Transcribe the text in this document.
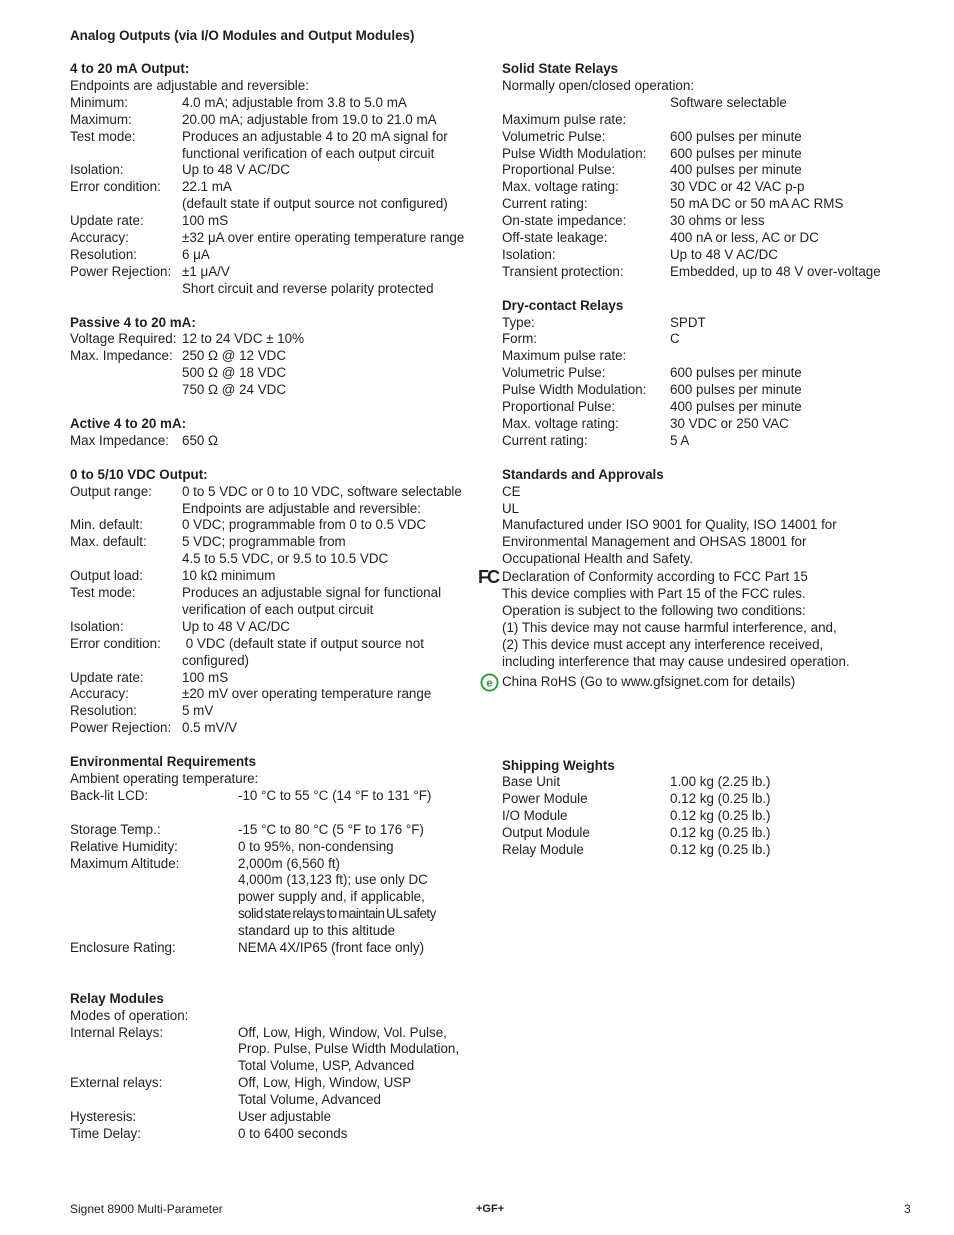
Analog Outputs (via I/O Modules and Output Modules)
4 to 20 mA Output:
Endpoints are adjustable and reversible:
Minimum:	4.0 mA; adjustable from 3.8 to 5.0 mA
Maximum:	20.00 mA; adjustable from 19.0 to 21.0 mA
Test mode:	Produces an adjustable 4 to 20 mA signal for
functional verification of each output circuit
Isolation:	Up to 48 V AC/DC
Error condition:	22.1 mA
(default state if output source not configured)
Update rate:	100 mS
Accuracy:	±32 μA over entire operating temperature range
Resolution:	6 μA
Power Rejection: ±1 μA/V
Short circuit and reverse polarity protected
Passive 4 to 20 mA:
Voltage Required: 12 to 24 VDC ± 10%
Max. Impedance: 250 Ω @ 12 VDC
500 Ω @ 18 VDC
750 Ω @ 24 VDC
Active 4 to 20 mA:
Max Impedance: 650 Ω
0 to 5/10 VDC Output:
Output range:	0 to 5 VDC or 0 to 10 VDC, software selectable
Endpoints are adjustable and reversible:
Min. default:	0 VDC; programmable from 0 to 0.5 VDC
Max. default:	5 VDC; programmable from
4.5 to 5.5 VDC, or 9.5 to 10.5 VDC
Output load:	10 kΩ minimum
Test mode:	Produces an adjustable signal for functional
verification of each output circuit
Isolation:	Up to 48 V AC/DC
Error condition:	0 VDC (default state if output source not
configured)
Update rate:	100 mS
Accuracy:	±20 mV over operating temperature range
Resolution:	5 mV
Power Rejection: 0.5 mV/V
Environmental Requirements
Ambient operating temperature:
Back-lit LCD:	-10 °C to 55 °C (14 °F to 131 °F)
Storage Temp.:	-15 °C to 80 °C (5 °F to 176 °F)
Relative Humidity:	0 to 95%, non-condensing
Maximum Altitude:	2,000m (6,560 ft)
4,000m (13,123 ft); use only DC
power supply and, if applicable,
solid state relays to maintain UL safety
standard up to this altitude
Enclosure Rating:	NEMA 4X/IP65 (front face only)
Relay Modules
Modes of operation:
Internal Relays:	Off, Low, High, Window, Vol. Pulse,
Prop. Pulse, Pulse Width Modulation,
Total Volume, USP, Advanced
External relays:	Off, Low, High, Window, USP
Total Volume, Advanced
Hysteresis:	User adjustable
Time Delay:	0 to 6400 seconds
Solid State Relays
Normally open/closed operation:
Software selectable
Maximum pulse rate:

Volumetric Pulse:	600 pulses per minute
Pulse Width Modulation:	600 pulses per minute
Proportional Pulse:	400 pulses per minute
Max. voltage rating:	30 VDC or 42 VAC p-p
Current rating:	50 mA DC or 50 mA AC RMS
On-state impedance:	30 ohms or less
Off-state leakage:	400 nA or less, AC or DC
Isolation:	Up to 48 V AC/DC
Transient protection:	Embedded, up to 48 V over-voltage
Dry-contact Relays
Type:	SPDT
Form:	C
Maximum pulse rate:

Volumetric Pulse:	600 pulses per minute
Pulse Width Modulation:	600 pulses per minute
Proportional Pulse:	400 pulses per minute
Max. voltage rating:	30 VDC or 250 VAC
Current rating:	5 A
Standards and Approvals
CE
UL
Manufactured under ISO 9001 for Quality, ISO 14001 for
Environmental Management and OHSAS 18001 for
Occupational Health and Safety.
FC Declaration of Conformity according to FCC Part 15
This device complies with Part 15 of the FCC rules.
Operation is subject to the following two conditions:
(1) This device may not cause harmful interference, and,
(2) This device must accept any interference received,
including interference that may cause undesired operation.
e China RoHS (Go to www.gfsignet.com for details)
Shipping Weights
Base Unit	1.00 kg (2.25 lb.)
Power Module	0.12 kg (0.25 lb.)
I/O Module	0.12 kg (0.25 lb.)
Output Module	0.12 kg (0.25 lb.)
Relay Module	0.12 kg (0.25 lb.)
Signet 8900 Multi-Parameter	+GF+	3
